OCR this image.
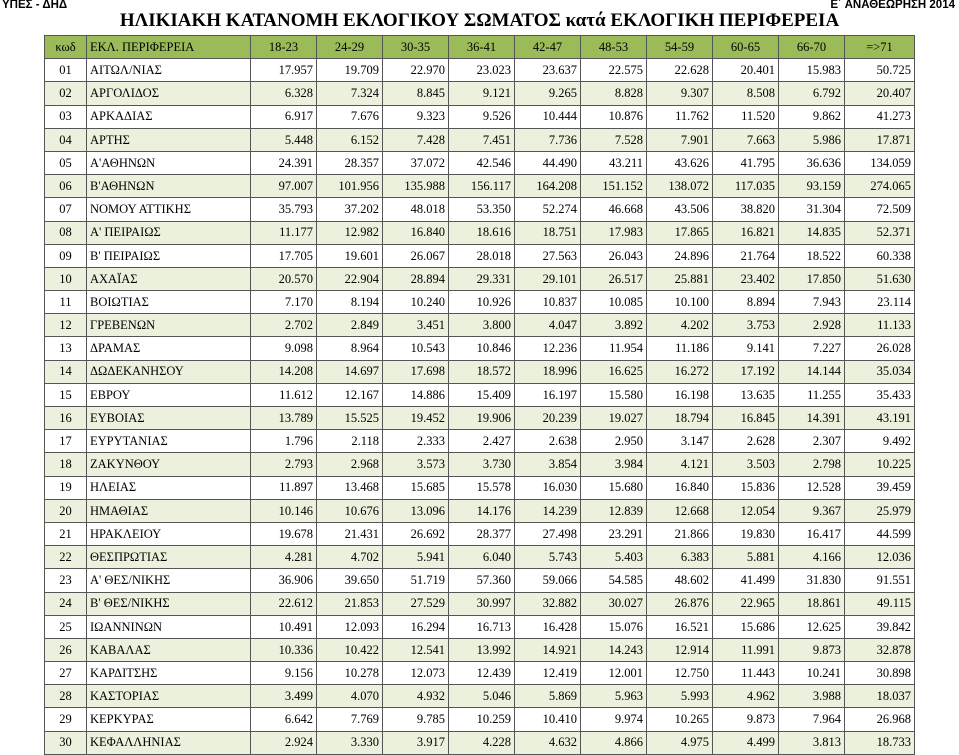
ΥΠΕΣ - ΔΗΔ	Ε΄ ΑΝΑΘΕΩΡΗΣΗ 2014
ΗΛΙΚΙΑΚΗ ΚΑΤΑΝΟΜΗ ΕΚΛΟΓΙΚΟΥ ΣΩΜΑΤΟΣ κατά ΕΚΛΟΓΙΚΗ ΠΕΡΙΦΕΡΕΙΑ
κωδ	ΕΚΛ. ΠΕΡΙΦΕΡΕΙΑ	18-23	24-29	30-35	36-41	42-47	48-53	54-59	60-65	66-70	=>71
01	ΑΙΤΩΛ/ΝΙΑΣ	17.957	19.709	22.970	23.023	23.637	22.575	22.628	20.401	15.983	50.725
02	ΑΡΓΟΛΙΔΟΣ	6.328	7.324	8.845	9.121	9.265	8.828	9.307	8.508	6.792	20.407
03	ΑΡΚΑΔΙΑΣ	6.917	7.676	9.323	9.526	10.444	10.876	11.762	11.520	9.862	41.273
04	ΑΡΤΗΣ	5.448	6.152	7.428	7.451	7.736	7.528	7.901	7.663	5.986	17.871
05	Α'ΑΘΗΝΩΝ	24.391	28.357	37.072	42.546	44.490	43.211	43.626	41.795	36.636	134.059
06	Β'ΑΘΗΝΩΝ	97.007	101.956	135.988	156.117	164.208	151.152	138.072	117.035	93.159	274.065
07	ΝΟΜΟΥ ΑΤΤΙΚΗΣ	35.793	37.202	48.018	53.350	52.274	46.668	43.506	38.820	31.304	72.509
08	Α' ΠΕΙΡΑΙΩΣ	11.177	12.982	16.840	18.616	18.751	17.983	17.865	16.821	14.835	52.371
09	Β' ΠΕΙΡΑΙΩΣ	17.705	19.601	26.067	28.018	27.563	26.043	24.896	21.764	18.522	60.338
10	ΑΧΑΪΑΣ	20.570	22.904	28.894	29.331	29.101	26.517	25.881	23.402	17.850	51.630
11	ΒΟΙΩΤΙΑΣ	7.170	8.194	10.240	10.926	10.837	10.085	10.100	8.894	7.943	23.114
12	ΓΡΕΒΕΝΩΝ	2.702	2.849	3.451	3.800	4.047	3.892	4.202	3.753	2.928	11.133
13	ΔΡΑΜΑΣ	9.098	8.964	10.543	10.846	12.236	11.954	11.186	9.141	7.227	26.028
14	ΔΩΔΕΚΑΝΗΣΟΥ	14.208	14.697	17.698	18.572	18.996	16.625	16.272	17.192	14.144	35.034
15	ΕΒΡΟΥ	11.612	12.167	14.886	15.409	16.197	15.580	16.198	13.635	11.255	35.433
16	ΕΥΒΟΙΑΣ	13.789	15.525	19.452	19.906	20.239	19.027	18.794	16.845	14.391	43.191
17	ΕΥΡΥΤΑΝΙΑΣ	1.796	2.118	2.333	2.427	2.638	2.950	3.147	2.628	2.307	9.492
18	ΖΑΚΥΝΘΟΥ	2.793	2.968	3.573	3.730	3.854	3.984	4.121	3.503	2.798	10.225
19	ΗΛΕΙΑΣ	11.897	13.468	15.685	15.578	16.030	15.680	16.840	15.836	12.528	39.459
20	ΗΜΑΘΙΑΣ	10.146	10.676	13.096	14.176	14.239	12.839	12.668	12.054	9.367	25.979
21	ΗΡΑΚΛΕΙΟΥ	19.678	21.431	26.692	28.377	27.498	23.291	21.866	19.830	16.417	44.599
22	ΘΕΣΠΡΩΤΙΑΣ	4.281	4.702	5.941	6.040	5.743	5.403	6.383	5.881	4.166	12.036
23	Α' ΘΕΣ/ΝΙΚΗΣ	36.906	39.650	51.719	57.360	59.066	54.585	48.602	41.499	31.830	91.551
24	Β' ΘΕΣ/ΝΙΚΗΣ	22.612	21.853	27.529	30.997	32.882	30.027	26.876	22.965	18.861	49.115
25	ΙΩΑΝΝΙΝΩΝ	10.491	12.093	16.294	16.713	16.428	15.076	16.521	15.686	12.625	39.842
26	ΚΑΒΑΛΑΣ	10.336	10.422	12.541	13.992	14.921	14.243	12.914	11.991	9.873	32.878
27	ΚΑΡΔΙΤΣΗΣ	9.156	10.278	12.073	12.439	12.419	12.001	12.750	11.443	10.241	30.898
28	ΚΑΣΤΟΡΙΑΣ	3.499	4.070	4.932	5.046	5.869	5.963	5.993	4.962	3.988	18.037
29	ΚΕΡΚΥΡΑΣ	6.642	7.769	9.785	10.259	10.410	9.974	10.265	9.873	7.964	26.968
30	ΚΕΦΑΛΛΗΝΙΑΣ	2.924	3.330	3.917	4.228	4.632	4.866	4.975	4.499	3.813	18.733
